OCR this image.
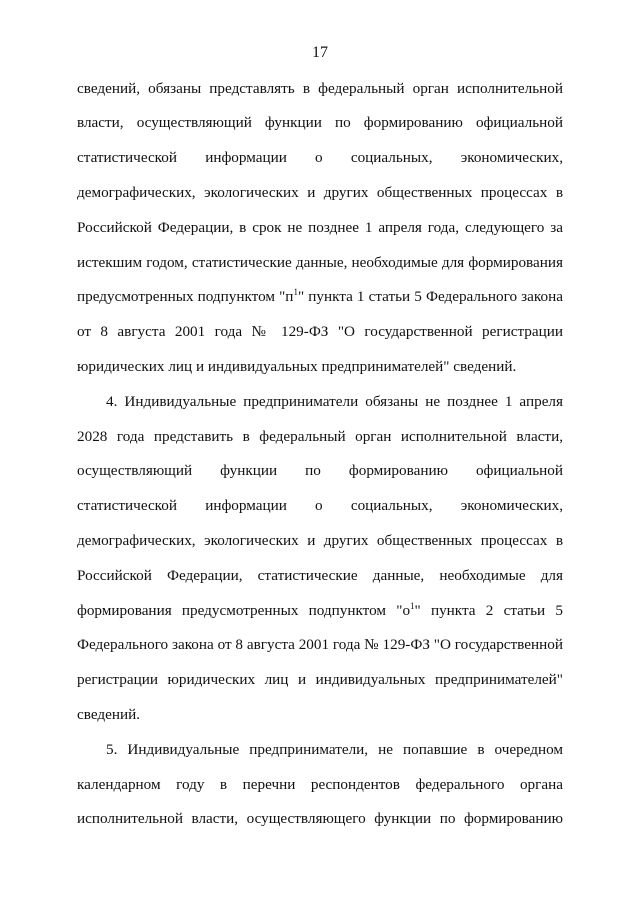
17
сведений, обязаны представлять в федеральный орган исполнительной
власти, осуществляющий функции по формированию официальной
статистической информации о социальных, экономических,
демографических, экологических и других общественных процессах в
Российской Федерации, в срок не позднее 1 апреля года, следующего за
истекшим годом, статистические данные, необходимые для формирования
предусмотренных подпунктом "$п^1$" пункта 1 статьи 5 Федерального закона
от 8 августа 2001 года № 129-ФЗ "О государственной регистрации
юридических лиц и индивидуальных предпринимателей" сведений.
4. Индивидуальные предприниматели обязаны не позднее 1 апреля
2028 года представить в федеральный орган исполнительной власти,
осуществляющий функции по формированию официальной
статистической информации о социальных, экономических,
демографических, экологических и других общественных процессах в
Российской Федерации, статистические данные, необходимые для
формирования предусмотренных подпунктом "$о^1$" пункта 2 статьи 5
Федерального закона от 8 августа 2001 года № 129-ФЗ "О государственной
регистрации юридических лиц и индивидуальных предпринимателей"
сведений.
5. Индивидуальные предприниматели, не попавшие в очередном
календарном году в перечни респондентов федерального органа
исполнительной власти, осуществляющего функции по формированию
